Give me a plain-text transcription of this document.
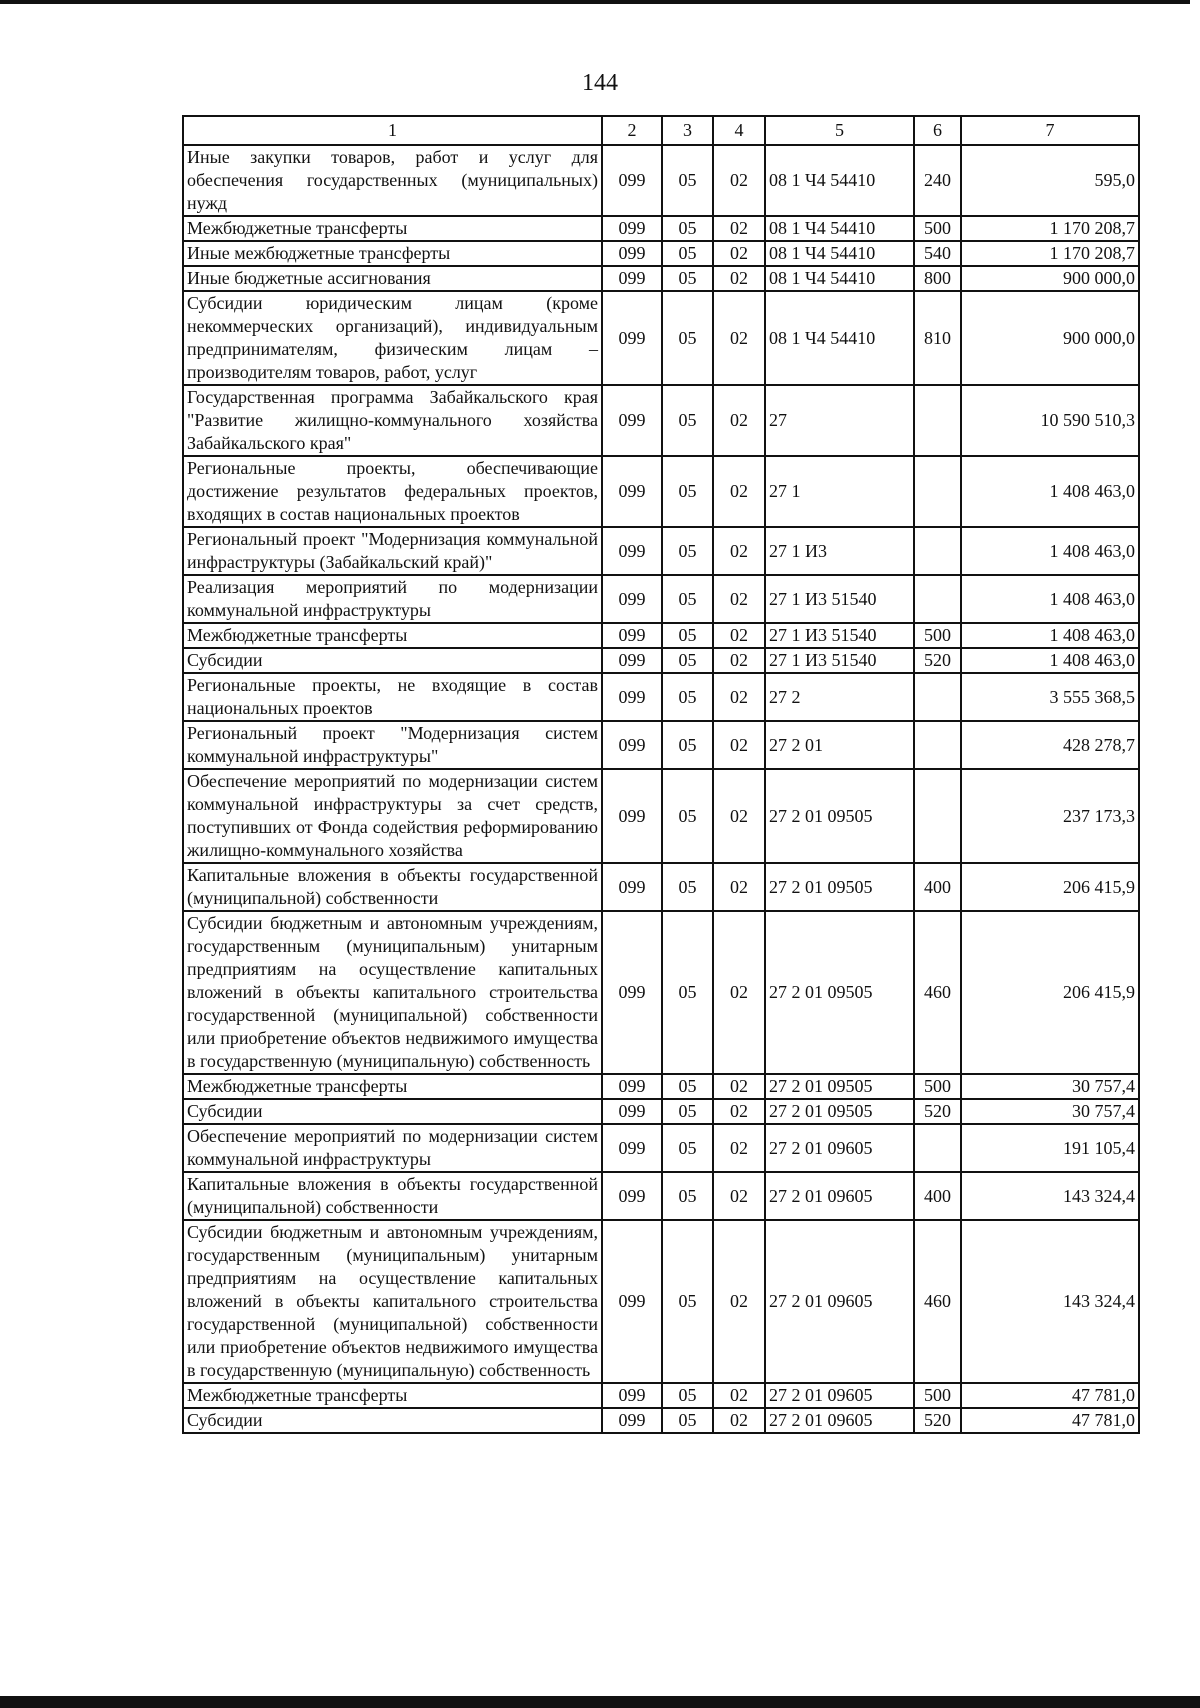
144
1	2	3	4	5	6	7
Иные закупки товаров, работ и услуг для обеспечения государственных (муниципальных) нужд	099	05	02	08 1 Ч4 54410	240	595,0
Межбюджетные трансферты	099	05	02	08 1 Ч4 54410	500	1 170 208,7
Иные межбюджетные трансферты	099	05	02	08 1 Ч4 54410	540	1 170 208,7
Иные бюджетные ассигнования	099	05	02	08 1 Ч4 54410	800	900 000,0
Субсидии юридическим лицам (кроме некоммерческих организаций), индивидуальным предпринимателям, физическим лицам – производителям товаров, работ, услуг	099	05	02	08 1 Ч4 54410	810	900 000,0
Государственная программа Забайкальского края "Развитие жилищно-коммунального хозяйства Забайкальского края"	099	05	02	27		10 590 510,3
Региональные проекты, обеспечивающие достижение результатов федеральных проектов, входящих в состав национальных проектов	099	05	02	27 1		1 408 463,0
Региональный проект "Модернизация коммунальной инфраструктуры (Забайкальский край)"	099	05	02	27 1 И3		1 408 463,0
Реализация мероприятий по модернизации коммунальной инфраструктуры	099	05	02	27 1 И3 51540		1 408 463,0
Межбюджетные трансферты	099	05	02	27 1 И3 51540	500	1 408 463,0
Субсидии	099	05	02	27 1 И3 51540	520	1 408 463,0
Региональные проекты, не входящие в состав национальных проектов	099	05	02	27 2		3 555 368,5
Региональный проект "Модернизация систем коммунальной инфраструктуры"	099	05	02	27 2 01		428 278,7
Обеспечение мероприятий по модернизации систем коммунальной инфраструктуры за счет средств, поступивших от Фонда содействия реформированию жилищно-коммунального хозяйства	099	05	02	27 2 01 09505		237 173,3
Капитальные вложения в объекты государственной (муниципальной) собственности	099	05	02	27 2 01 09505	400	206 415,9
Субсидии бюджетным и автономным учреждениям, государственным (муниципальным) унитарным предприятиям на осуществление капитальных вложений в объекты капитального строительства государственной (муниципальной) собственности или приобретение объектов недвижимого имущества в государственную (муниципальную) собственность	099	05	02	27 2 01 09505	460	206 415,9
Межбюджетные трансферты	099	05	02	27 2 01 09505	500	30 757,4
Субсидии	099	05	02	27 2 01 09505	520	30 757,4
Обеспечение мероприятий по модернизации систем коммунальной инфраструктуры	099	05	02	27 2 01 09605		191 105,4
Капитальные вложения в объекты государственной (муниципальной) собственности	099	05	02	27 2 01 09605	400	143 324,4
Субсидии бюджетным и автономным учреждениям, государственным (муниципальным) унитарным предприятиям на осуществление капитальных вложений в объекты капитального строительства государственной (муниципальной) собственности или приобретение объектов недвижимого имущества в государственную (муниципальную) собственность	099	05	02	27 2 01 09605	460	143 324,4
Межбюджетные трансферты	099	05	02	27 2 01 09605	500	47 781,0
Субсидии	099	05	02	27 2 01 09605	520	47 781,0
